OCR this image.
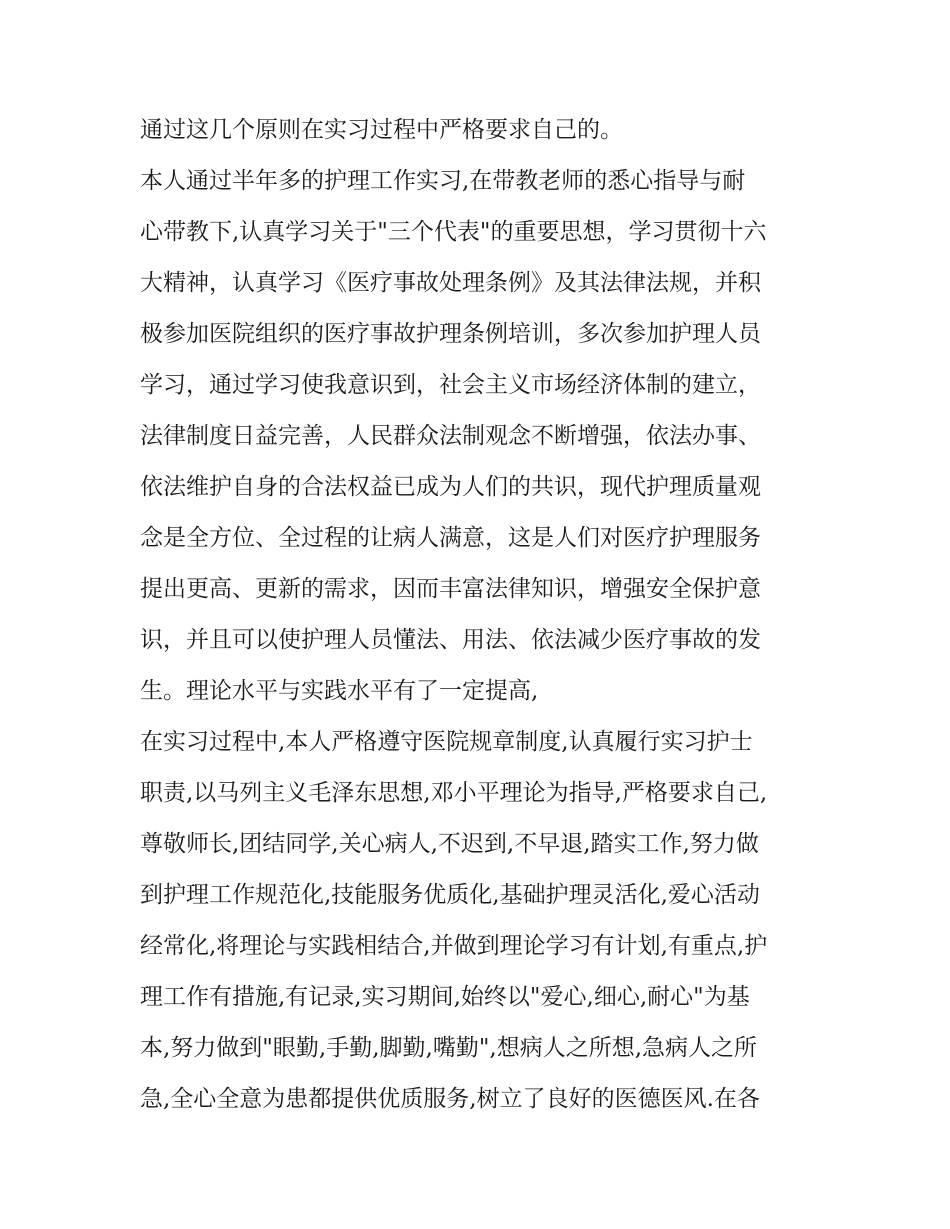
通过这几个原则在实习过程中严格要求自己的。
本人通过半年多的护理工作实习,在带教老师的悉心指导与耐
心带教下,认真学习关于"三个代表"的重要思想，学习贯彻十六
大精神，认真学习《医疗事故处理条例》及其法律法规，并积
极参加医院组织的医疗事故护理条例培训，多次参加护理人员
学习，通过学习使我意识到，社会主义市场经济体制的建立，
法律制度日益完善，人民群众法制观念不断增强，依法办事、
依法维护自身的合法权益已成为人们的共识，现代护理质量观
念是全方位、全过程的让病人满意，这是人们对医疗护理服务
提出更高、更新的需求，因而丰富法律知识，增强安全保护意
识，并且可以使护理人员懂法、用法、依法减少医疗事故的发
生。理论水平与实践水平有了一定提高,
在实习过程中,本人严格遵守医院规章制度,认真履行实习护士
职责,以马列主义毛泽东思想,邓小平理论为指导,严格要求自己,
尊敬师长,团结同学,关心病人,不迟到,不早退,踏实工作,努力做
到护理工作规范化,技能服务优质化,基础护理灵活化,爱心活动
经常化,将理论与实践相结合,并做到理论学习有计划,有重点,护
理工作有措施,有记录,实习期间,始终以"爱心,细心,耐心"为基
本,努力做到"眼勤,手勤,脚勤,嘴勤",想病人之所想,急病人之所
急,全心全意为患都提供优质服务,树立了良好的医德医风.在各
